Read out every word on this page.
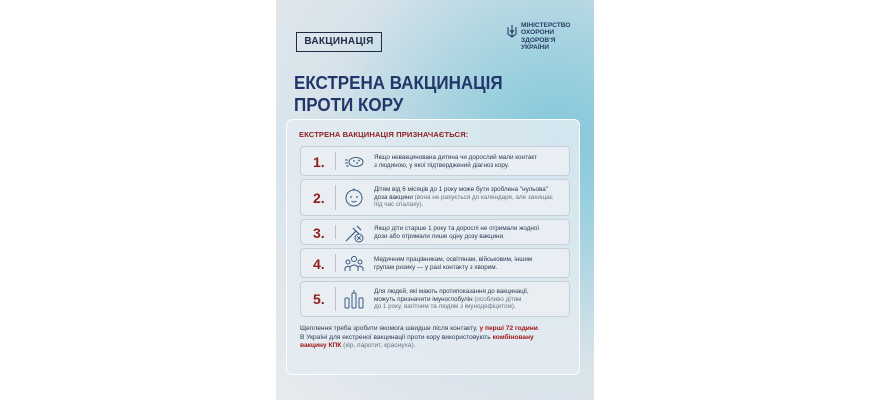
ВАКЦИНАЦІЯ
МІНІСТЕРСТВО
ОХОРОНИ
ЗДОРОВ'Я
УКРАЇНИ
ЕКСТРЕНА ВАКЦИНАЦІЯ
ПРОТИ КОРУ
ЕКСТРЕНА ВАКЦИНАЦІЯ ПРИЗНАЧАЄТЬСЯ:
1.	Якщо невакцинована дитина чи дорослий мали контакт
з людиною, у якої підтверджений діагноз кору.
2.
Дітям від 6 місяців до 1 року може бути зроблена "нульова"
доза вакцини (вона не рахується до календаря, але захищає
під час спалаху).
3.	Якщо діти старше 1 року та дорослі не отримали жодної
дози або отримали лише одну дозу вакцини.
4.	Медичним працівникам, освітянам, військовим, іншим
групам ризику — у разі контакту з хворим.
5.	Для людей, які мають протипоказання до вакцинації,
можуть призначити імуноглобулін (особливо дітям
до 1 року, вагітним та людям з імунодефіцитом).
Щеплення треба зробити якомога швидше після контакту, у перші 72 години.
В Україні для екстреної вакцинації проти кору використовують комбіновану
вакцину КПК (кір, паротит, краснуха).
